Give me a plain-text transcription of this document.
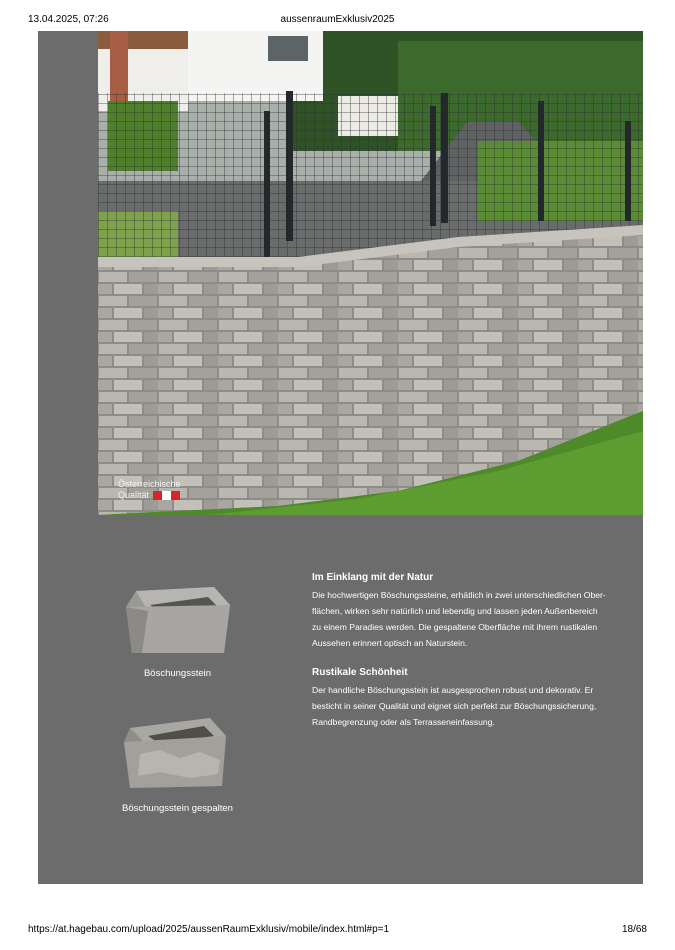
13.04.2025, 07:26	aussenraumExklusiv2025
Österreichische
Qualität
Böschungsstein
Böschungsstein gespalten
Im Einklang mit der Natur

Die hochwertigen Böschungssteine, erhätlich in zwei unterschiedlichen Ober-
flächen, wirken sehr natürlich und lebendig und lassen jeden Außenbereich
zu einem Paradies werden. Die gespaltene Oberfläche mit ihrem rustikalen
Aussehen erinnert optisch an Naturstein.

Rustikale Schönheit

Der handliche Böschungsstein ist ausgesprochen robust und dekorativ. Er
besticht in seiner Qualität und eignet sich perfekt zur Böschungssicherung,
Randbegrenzung oder als Terrasseneinfassung.

https://at.hagebau.com/upload/2025/aussenRaumExklusiv/mobile/index.html#p=1	18/68
